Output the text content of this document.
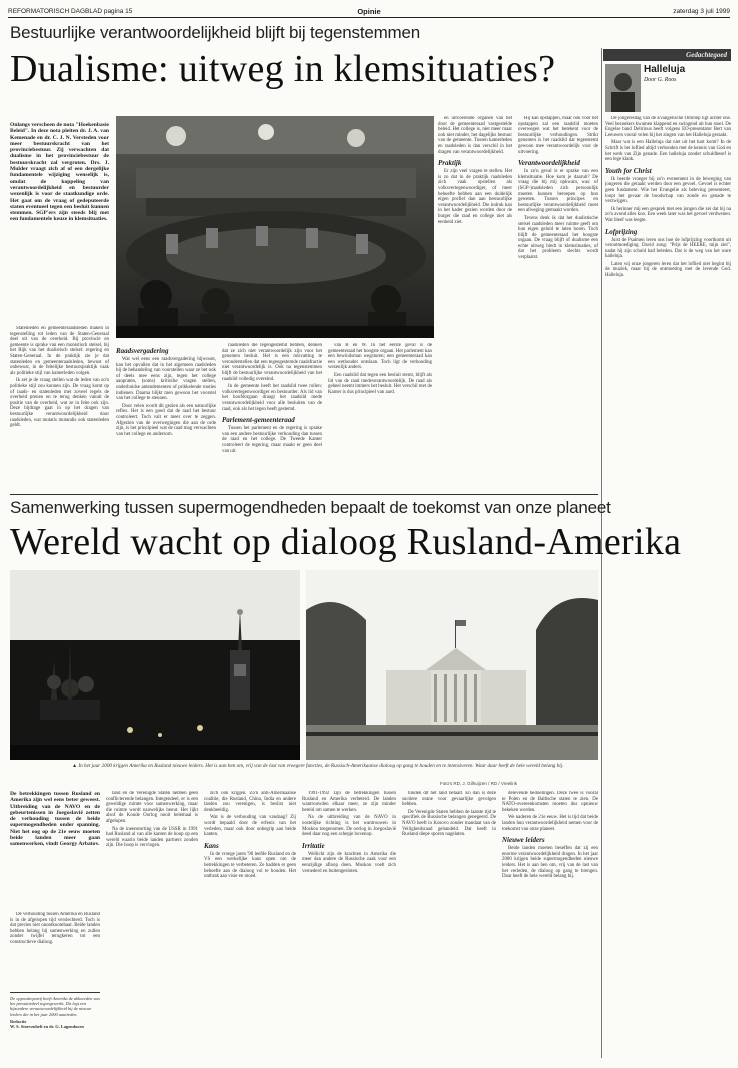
REFORMATORISCH DAGBLAD pagina 15	Opinie	zaterdag 3 juli 1999
Bestuurlijke verantwoordelijkheid blijft bij tegenstemmen
Dualisme: uitweg in klemsituaties?
Onlangs verscheen de nota "Hoekenbasie Beleid". In deze nota pleiten dr. J. A. van Kemenade en dr. C. J. N. Versteden voor meer bestuurskracht van het provinciebestuur. Zij verwachten dat dualisme in het provinciebestuur de bestuurskracht zal vergroten. Drs. J. Mulder vraagt zich af of een dergelijke fundamentele wijziging wenselijk is, omdat de koppeling van verantwoordelijkheid en bestuurder wezenlijk is voor de staatkundige orde. Het gaat om de vraag of gedeputeerde staten eventueel tegen een besluit kunnen stemmen. SGP'ers zijn steeds blij met een fundamentele keuze in klemsituaties.

Statenleden en gemeenteraadsleden maken in tegenstelling tot leden van de Staten-Generaal deel uit van de overheid. Bij provincie en gemeente is sprake van een monistisch stelsel, bij het Rijk van het dualistisch stelsel: regering en Staten-Generaal. In de praktijk zie je dat statenleden en gemeenteraadsleden, bewust of onbewust, in de feitelijke bestuurspraktijk vaak als politieke stijl van kamerleden volgen.

Ik zet je de vraag stellen wat de leden van zo'n politieke stijl zou kunnen zijn. De vraag komt op of raads- en statenleden met zoveel regels de overheid prenen en te terug denken vanuit de positie van de overheid, wat ze in feite ook zijn. Deze bijdrage gaat in op het dragen van bestuurlijke verantwoordelijkheid door raadsleden, wat mutatis mutandis ook statenleden geldt.

Raadsvergadering

Wat wel eens een raadsvergadering bijwoont, kan het opvallen dat in het algemeen raadsleden bij de behandeling van voorstellen waar ze het ook of deels mee eens zijn, tegen het college aanpraten, (soms) kritische vragen stellen, onderhuidse amendementen of prikkelende moties indienen. Daarna blijkt men gewoon het voorstel van het college te steunen.

Door velen wordt dit gezien als een natuurlijke reflex. Het is een goed dat de raad het bestuur controleert. Toch valt er meer over te zeggen. Afgezien van de overwegingen die aan de orde zijn, is het principieel wat de raad mag verwachten van het college en andersom.

raadsleden die tegengestemd hebben, denken dat ze zich niet verantwoordelijk zijn voor het genomen besluit. Het is een misvatting te veronderstellen dat een tegengestemde raadsfractie niet verantwoordelijk is. Ook na tegenstemmen blijft de bestuurlijke verantwoordelijkheid van het raadslid volledig overeind.

In de gemeente heeft het raadslid twee rollen: volksvertegenwoordiger en bestuurder. Als lid van het hoofdorgaan draagt het raadslid mede verantwoordelijkheid voor alle besluiten van de raad, ook als het tegen heeft gestemd.

Parlement-gemeenteraad

Tussen het parlement en de regering is sprake van een andere bestuurlijke verhouding dan tussen de raad en het college. De Tweede Kamer controleert de regering, maar maakt er geen deel van uit.

van B en W. In het eerste geval is de gemeenteraad het hoogste orgaan. Het parlement kan een bewindsman wegsturen; een gemeenteraad kan een wethouder ontslaan. Toch ligt de verhouding wezenlijk anders.

Een raadslid dat tegen een besluit stemt, blijft als lid van de raad medeverantwoordelijk. De raad als geheel neemt immers het besluit. Het verschil met de Kamer is dus principieel van aard.

en uitvoerende organen van het door de gemeenteraad vastgestelde beleid. Het college is, niet meer maar ook niet minder, het dagelijks bestuur van de gemeente. Tussen kamerleden en raadsleden is dan verschil in het dragen van verantwoordelijkheid.

Praktijk

Er zijn veel vragen te stellen. Het is zo dat in de praktijk raadsleden zich vaak opstellen als volksvertegenwoordiger, of meer behoefte hebben aan een duidelijk eigen profiel dan aan bestuurlijke verantwoordelijkheid. Die indruk kan in het kader gezien worden door de burger die raad en college niet als eenheid ziet.

Hij kan opstappen, maar ook voor het opstappen zal een raadslid moeten overwegen wat het betekent voor de bestuurlijke verhoudingen. Strikt genomen is het raadslid dat tegenstemt gewoon mee verantwoordelijk voor de uitvoering.

Verantwoordelijkheid

In zo'n geval is er sprake van een klemsituatie. Hoe kom je daaruit? De vraag die bij mij opkwam, was: of (SGP-)raadsleden zich persoonlijk moeten kunnen beroepen op hun geweten. Tussen principes en bestuurlijke verantwoordelijkheid moet een afweging gemaakt worden.

Tevens denk ik dat het dualistische stelsel raadsleden meer ruimte geeft om hun eigen geluid te laten horen. Toch blijft de gemeenteraad het hoogste orgaan. De vraag blijft of dualisme een echte uitweg biedt in klemsituaties, of dat het probleem slechts wordt verplaatst.

Gedachtegoed
Halleluja
Door G. Roos

De jongeresdag van de Evangelische Omroep ligt achter ons. Veel bezoekers kwamen klappend en swingend uit hun stoel. De Engelse band Delirious heeft volgens EO-presentator Bert van Leeuwen vooral velen bij het zingen van het Halleluja geraakt.

Maar wat is een Halleluja dat niet uit het hart komt? In de Schrift is het loflied altijd verbonden met de kennis van God en het werk van Zijn genade. Een halleluja zonder schuldbesef is een lege klank.

Youth for Christ

Ik heerde vroeger bij zo'n evenement in de beweging van jongeren die geraakt werden door een gevoel. Gevoel is echter geen fundament. Wie het Evangelie als beleving presenteert, loopt het gevaar de boodschap van zonde en genade te verzwijgen.

Ik herinner mij een gesprek met een jongen die zei dat hij na zo'n avond alles kon. Een week later was het gevoel verdwenen. Wat bleef was leegte.

Lofprijzing

Juist de Psalmen leren ons hoe de lofprijzing voortkomt uit verootmoediging. David zong: "Prijs de HEERE, mijn ziel", nadat hij zijn schuld had beleden. Dat is de weg van het ware halleluja.

Laten wij onze jongeren leren dat het loflied niet begint bij de muziek, maar bij de ontmoeting met de levende God. Halleluja.

Samenwerking tussen supermogendheden bepaalt de toekomst van onze planeet
Wereld wacht op dialoog Rusland-Amerika
▲ In het jaar 2000 krijgen Amerika en Rusland nieuwe leiders. Het is aan hen om, vrij van de last van vroegere functies, de Russisch-Amerikaanse dialoog op gang te houden en te intensiveren. Waar daar heeft de hele wereld belang bij.
Foto's RD, J. Gilhuijzen / RD / Vreelink
De betrekkingen tussen Rusland en Amerika zijn wel eens beter geweest. Uitbreiding van de NAVO en de gebeurtenissen in Joegoslavië zetten de verhouding tussen de beide supermogendheden onder spanning. Niet het oog op de 21e eeuw moeten beide landen meer gaan samenwerken, vindt Georgy Arbatov.

De verhouding tussen Amerika en Rusland is in de afgelopen tijd verslechterd. Toch is dat precies niet onontkoombaar. Beide landen hebben belang bij samenwerking en zullen zonder twijfel terugkeren tot een constructieve dialoog.

De oppositiepartij heeft Amerika de akkoorden van het prestatiedeel tegengewerkt. Dit legt een bijzondere verantwoordelijkheid bij de nieuwe leiders die in het jaar 2000 aantreden.
Redactie
W. S. Stoevenbelt en dr. G. Lagendoorn

land en de Verenigde Staten hebben geen conflicterende belangen. Integendeel, er is een geweldige ruimte voor samenwerking, maar die ruimte wordt nauwelijks benut. Het lijkt alsof de Koude Oorlog nooit helemaal is afgelopen.

Na de ineenstorting van de USSR in 1991 had Rusland al van alle kanten de hoop op een wereld waarin beide landen partners zouden zijn. Die hoop is vervlogen.

zich ook krijgen. Zo'n anti-Amerikaanse coalitie, die Rusland, China, India en andere landen zou verenigen, is beslist niet denkbeeldig.

Wat is de verhouding van vandaag? Zij wordt bepaald door de erfenis van het verleden, maar ook door onbegrip aan beide kanten.

Kans

In de vroege jaren '90 leefde Rusland en de VS een werkelijke kans open om de betrekkingen te verbeteren. Ze hadden er geen behoefte aan de dialoog vol te houden. Het ontbrak aan visie en moed.

1991-1992 zijn de betrekkingen tussen Rusland en Amerika verbeterd. De landen wantrouwden elkaar meer, ze zijn minder bereid om samen te werken.

Na de uitbreiding van de NAVO in oostelijke richting is het wantrouwen in Moskou toegenomen. De oorlog in Joegoslavië deed daar nog een schepje bovenop.

Irritatie

Wellicht zijn de krachten in Amerika die meer dan andere de Russische zaak voor een eenzijdige afloop doen. Moskou voelt zich vernederd en buitengesloten.

binden dit het land betaalt. En dan is deze suctiere orane voor gevaarlijke gevolgen hebben.

De Verenigde Staten hebben de laatste tijd te specifiek de Russische belangen genegeerd. De NAVO heeft in Kosovo zonder mandaat van de Veiligheidsraad gehandeld. Dat heeft in Rusland diepe sporen nagelaten.

delevende bedoelingen. Deze twee is vooral te Polen en de Baltische staten te zien. De NATO-overeenkomsten moeten dus opnieuw bekeken worden.

We naderen de 21e eeuw. Het is tijd dat beide landen hun verantwoordelijkheid nemen voor de toekomst van onze planeet.

Nieuwe leiders

Beide landen moeten beseffen dat zij een enorme verantwoordelijkheid dragen. In het jaar 2000 krijgen beide supermogendheden nieuwe leiders. Het is aan hen om, vrij van de last van het verleden, de dialoog op gang te brengen. Daar heeft de hele wereld belang bij.
